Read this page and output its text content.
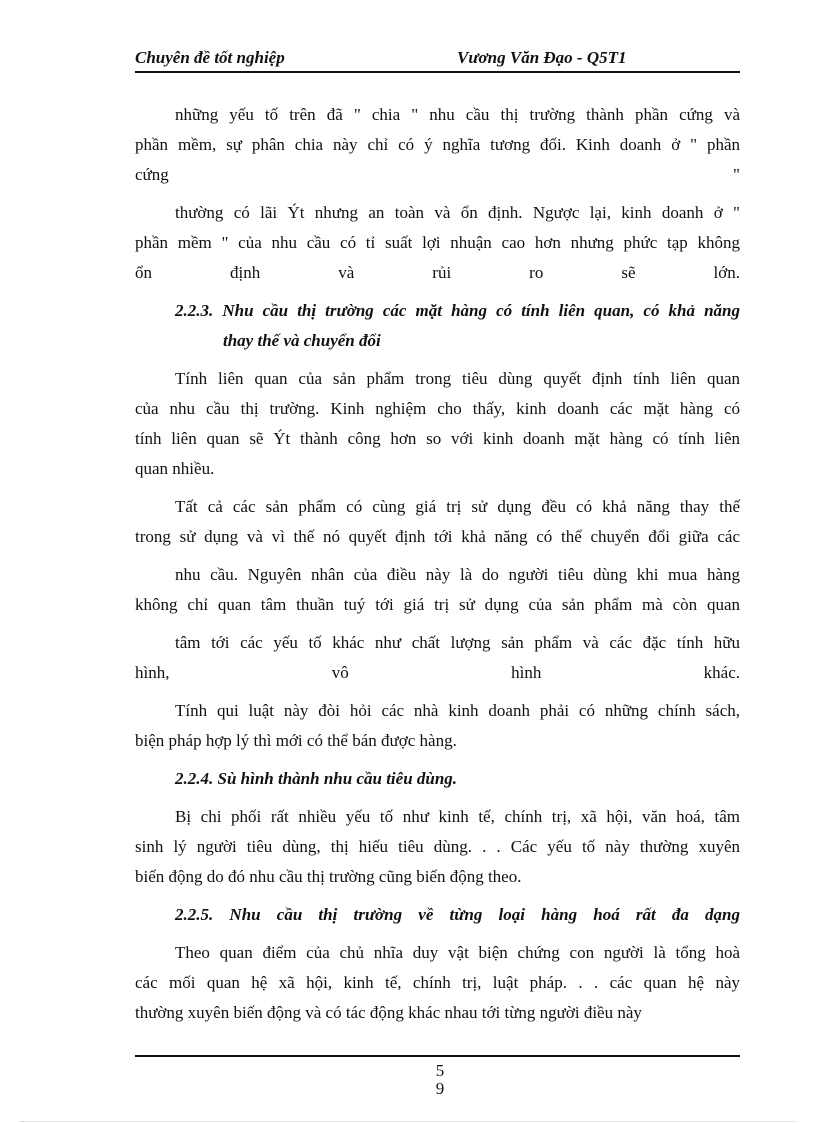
Chuyên đề tốt nghiệp	Vương Văn Đạo - Q5T1
những yếu tố trên đã " chia " nhu cầu thị trường thành phần cứng và
phần mềm, sự phân chia này chỉ có ý nghĩa tương đối. Kinh doanh ở " phần
cứng	"
thường có lãi Ýt nhưng an toàn và ổn định. Ngược lại, kinh doanh ở "
phần mềm " của nhu cầu có tỉ suất lợi nhuận cao hơn nhưng phức tạp không
ổn định và rủi ro sẽ lớn.
2.2.3. Nhu cầu thị trường các mặt hàng có tính liên quan, có khả năng
thay thế và chuyển đổi
Tính liên quan của sản phẩm trong tiêu dùng quyết định tính liên quan
của nhu cầu thị trường. Kinh nghiệm cho thấy, kinh doanh các mặt hàng có
tính liên quan sẽ Ýt thành công hơn so với kinh doanh mặt hàng có tính liên
quan nhiều.
Tất cả các sản phẩm có cùng giá trị sử dụng đều có khả năng thay thế
trong sử dụng và vì thế nó quyết định tới khả năng có thể chuyển đổi giữa các
nhu cầu. Nguyên nhân của điều này là do người tiêu dùng khi mua hàng
không chỉ quan tâm thuần tuý tới giá trị sử dụng của sản phẩm mà còn quan
tâm tới các yếu tố khác như chất lượng sản phẩm và các đặc tính hữu
hình, vô hình khác.
Tính qui luật này đòi hỏi các nhà kinh doanh phải có những chính sách,
biện pháp hợp lý thì mới có thể bán được hàng.
2.2.4. Sù hình thành nhu cầu tiêu dùng.
Bị chi phối rất nhiều yếu tố như kinh tế, chính trị, xã hội, văn hoá, tâm
sinh lý người tiêu dùng, thị hiếu tiêu dùng. . . Các yếu tố này thường xuyên
biến động do đó nhu cầu thị trường cũng biến động theo.
2.2.5. Nhu cầu thị trường về từng loại hàng hoá rất đa dạng
Theo quan điểm của chủ nhĩa duy vật biện chứng con người là tổng hoà
các mối quan hệ xã hội, kinh tế, chính trị, luật pháp. . . các quan hệ này
thường xuyên biến động và có tác động khác nhau tới từng người điều này
5
9
